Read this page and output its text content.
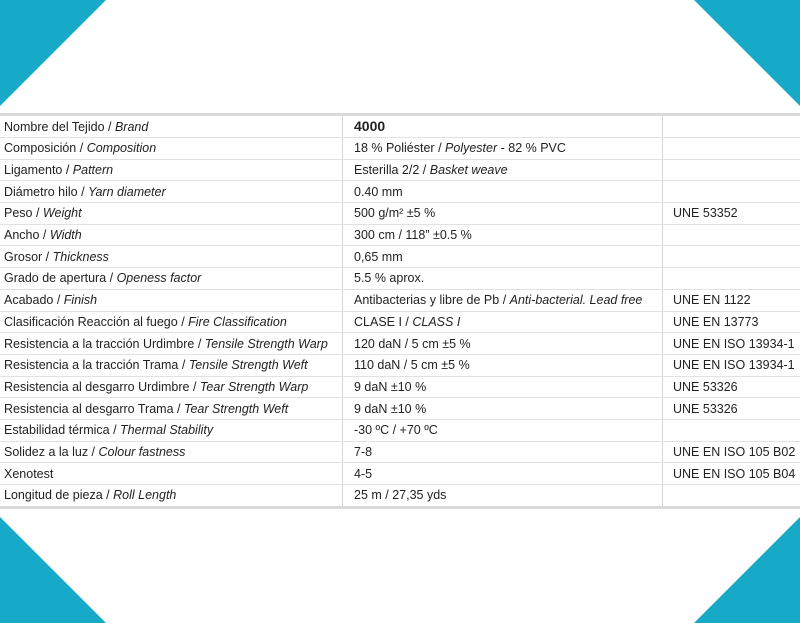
Nombre del Tejido / Brand	4000	
Composición / Composition	18 % Poliéster / Polyester - 82 % PVC	
Ligamento / Pattern	Esterilla 2/2 / Basket weave	
Diámetro hilo / Yarn diameter	0.40 mm	
Peso / Weight	500 g/m² ±5 %	UNE 53352
Ancho / Width	300 cm / 118” ±0.5 %	
Grosor / Thickness	0,65 mm	
Grado de apertura / Openess factor	5.5 % aprox.	
Acabado / Finish	Antibacterias y libre de Pb / Anti-bacterial. Lead free	UNE EN 1122
Clasificación Reacción al fuego / Fire Classification	CLASE I / CLASS I	UNE EN 13773
Resistencia a la tracción Urdimbre / Tensile Strength Warp	120 daN / 5 cm ±5 %	UNE EN ISO 13934-1
Resistencia a la tracción Trama / Tensile Strength Weft	110 daN / 5 cm ±5 %	UNE EN ISO 13934-1
Resistencia al desgarro Urdimbre / Tear Strength Warp	9 daN ±10 %	UNE 53326
Resistencia al desgarro Trama / Tear Strength Weft	9 daN ±10 %	UNE 53326
Estabilidad térmica / Thermal Stability	-30 ºC / +70 ºC	
Solidez a la luz / Colour fastness	7-8	UNE EN ISO 105 B02
Xenotest	4-5	UNE EN ISO 105 B04
Longitud de pieza / Roll Length	25 m / 27,35 yds	
